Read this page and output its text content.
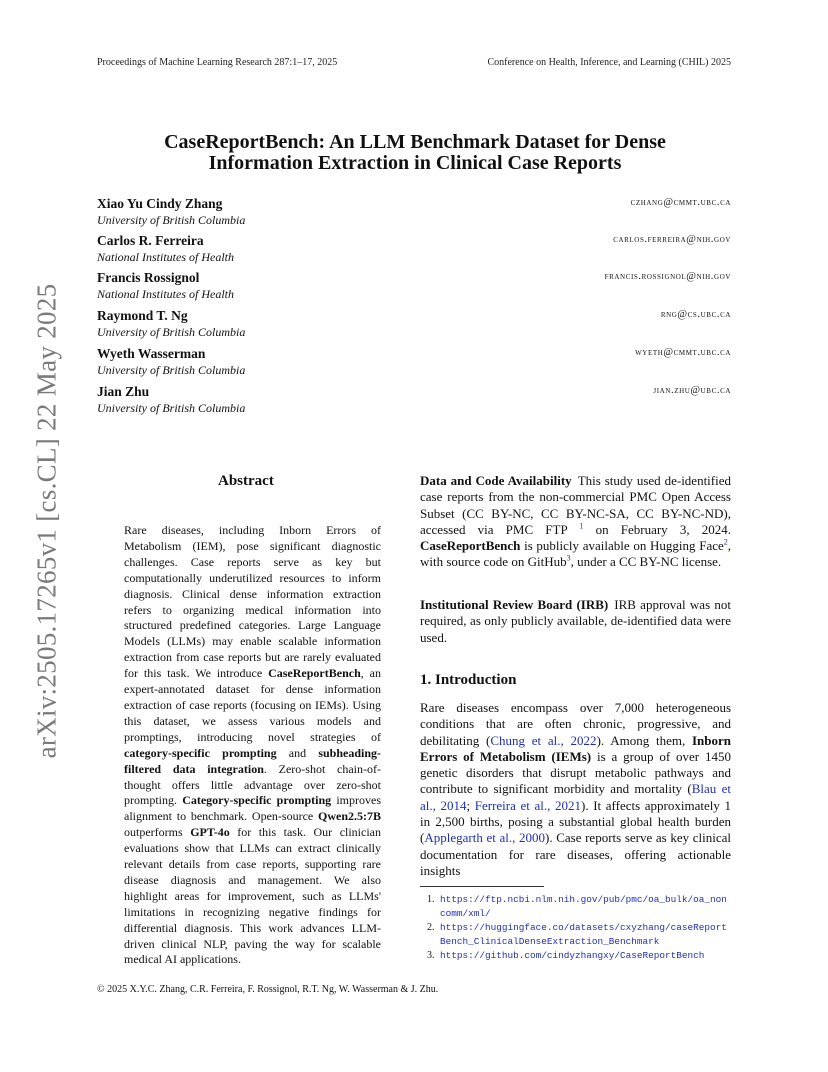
Proceedings of Machine Learning Research 287:1–17, 2025	Conference on Health, Inference, and Learning (CHIL) 2025
arXiv:2505.17265v1 [cs.CL] 22 May 2025
CaseReportBench: An LLM Benchmark Dataset for Dense
Information Extraction in Clinical Case Reports
Xiao Yu Cindy Zhang	czhang@cmmt.ubc.ca
University of British Columbia
Carlos R. Ferreira	carlos.ferreira@nih.gov
National Institutes of Health
Francis Rossignol	francis.rossignol@nih.gov
National Institutes of Health
Raymond T. Ng	rng@cs.ubc.ca
University of British Columbia
Wyeth Wasserman	wyeth@cmmt.ubc.ca
University of British Columbia
Jian Zhu	jian.zhu@ubc.ca
University of British Columbia
Abstract
Rare diseases, including Inborn Errors of Metabolism (IEM), pose significant diagnostic challenges. Case reports serve as key but computationally underutilized resources to inform diagnosis. Clinical dense information extraction refers to organizing medical information into structured predefined categories. Large Language Models (LLMs) may enable scalable information extraction from case reports but are rarely evaluated for this task. We introduce CaseReportBench, an expert-annotated dataset for dense information extraction of case reports (focusing on IEMs). Using this dataset, we assess various models and promptings, introducing novel strategies of category-specific prompting and subheading-filtered data integration. Zero-shot chain-of-thought offers little advantage over zero-shot prompting. Category-specific prompting improves alignment to benchmark. Open-source Qwen2.5:7B outperforms GPT-4o for this task. Our clinician evaluations show that LLMs can extract clinically relevant details from case reports, supporting rare disease diagnosis and management. We also highlight areas for improvement, such as LLMs' limitations in recognizing negative findings for differential diagnosis. This work advances LLM-driven clinical NLP, paving the way for scalable medical AI applications.
Data and Code Availability This study used de-identified case reports from the non-commercial PMC Open Access Subset (CC BY-NC, CC BY-NC-SA, CC BY-NC-ND), accessed via PMC FTP $^1$ on February 3, 2024. CaseReportBench is publicly available on Hugging Face$^2$, with source code on GitHub$^3$, under a CC BY-NC license.
Institutional Review Board (IRB) IRB approval was not required, as only publicly available, de-identified data were used.
1. Introduction
Rare diseases encompass over 7,000 heterogeneous conditions that are often chronic, progressive, and debilitating (Chung et al., 2022). Among them, Inborn Errors of Metabolism (IEMs) is a group of over 1450 genetic disorders that disrupt metabolic pathways and contribute to significant morbidity and mortality (Blau et al., 2014; Ferreira et al., 2021). It affects approximately 1 in 2,500 births, posing a substantial global health burden (Applegarth et al., 2000). Case reports serve as key clinical documentation for rare diseases, offering actionable insights
1. https://ftp.ncbi.nlm.nih.gov/pub/pmc/oa_bulk/oa_noncomm/xml/
2. https://huggingface.co/datasets/cxyzhang/caseReportBench_ClinicalDenseExtraction_Benchmark
3. https://github.com/cindyzhangxy/CaseReportBench
© 2025 X.Y.C. Zhang, C.R. Ferreira, F. Rossignol, R.T. Ng, W. Wasserman & J. Zhu.
